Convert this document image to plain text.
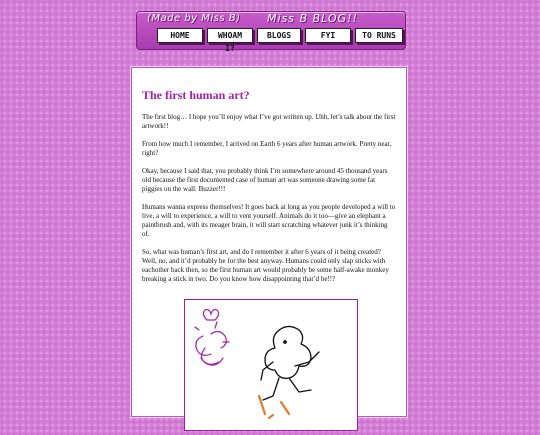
(Made by Miss B) Miss B BLOG!!
HOME	WHOAM I?
BLOGS	FYI	TO RUNS
The first human art?

The first blog… I hope you’ll enjoy what I’ve got written up. Uhh, let’s talk about the first artwork!!

From how much I remember, I arrived on Earth 6 years after human artwork. Pretty neat, right?

Okay, because I said that, you probably think I’m somewhere around 45 thousand years old because the first documented case of human art was someone drawing some fat piggies on the wall. Buzzer!!!

Humans wanna express themselves! It goes back at long as you people developed a will to live, a will to experience, a will to vent yourself. Animals do it too—give an elephant a paintbrush and, with its meager brain, it will start scratching whatever junk it’s thinking of.

So, what was human’s first art, and do I remember it after 6 years of it being created? Well, no, and it’d probably be for the best anyway. Humans could only slap sticks with eachother back then, so the first human art would probably be some half-awake monkey breaking a stick in two. Do you know how disappointing that’d be!!?
